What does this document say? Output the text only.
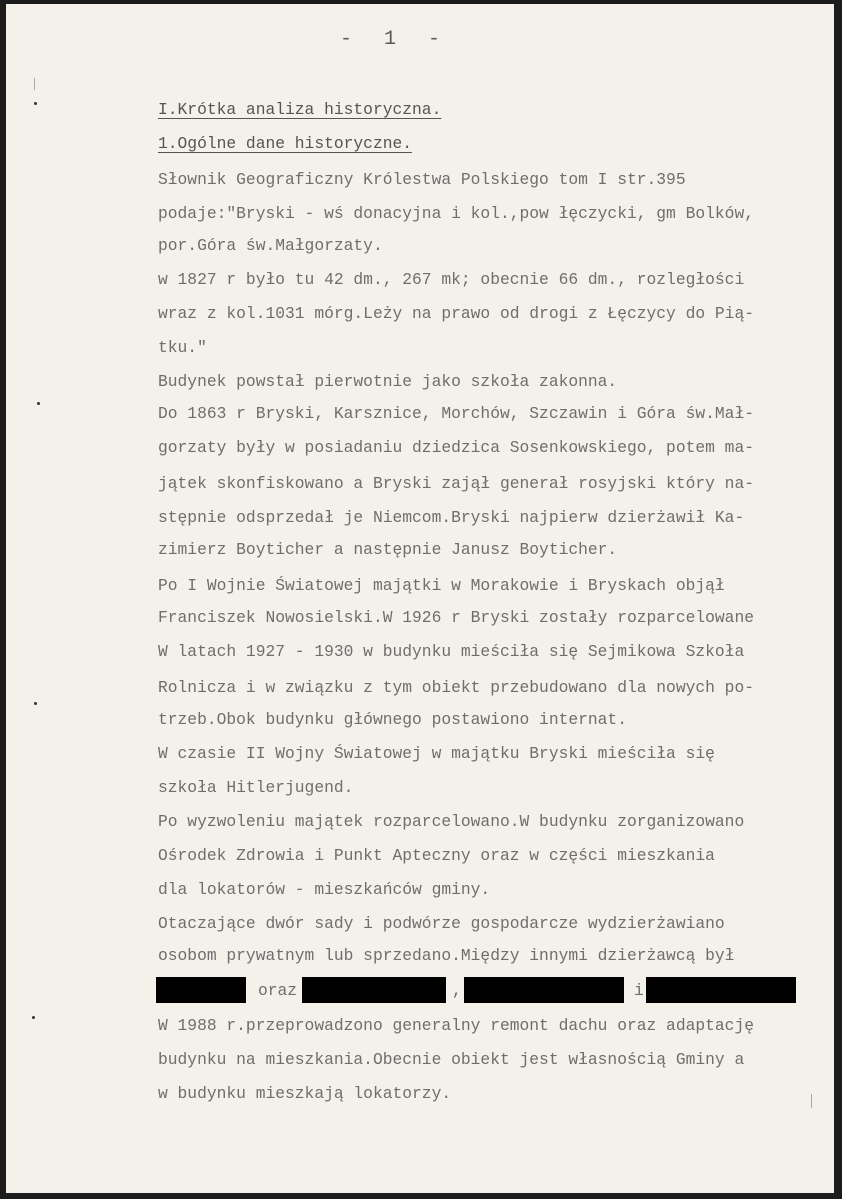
- 1 -
I.Krótka analiza historyczna.
1.Ogólne dane historyczne.
Słownik Geograficzny Królestwa Polskiego tom I str.395
podaje:"Bryski - wś donacyjna i kol.,pow łęczycki, gm Bolków,
por.Góra św.Małgorzaty.
w 1827 r było tu 42 dm., 267 mk; obecnie 66 dm., rozległości
wraz z kol.1031 mórg.Leży na prawo od drogi z Łęczycy do Pią-
tku."
Budynek powstał pierwotnie jako szkoła zakonna.
Do 1863 r Bryski, Karsznice, Morchów, Szczawin i Góra św.Mał-
gorzaty były w posiadaniu dziedzica Sosenkowskiego, potem ma-
jątek skonfiskowano a Bryski zajął generał rosyjski który na-
stępnie odsprzedał je Niemcom.Bryski najpierw dzierżawił Ka-
zimierz Boyticher a następnie Janusz Boyticher.
Po I Wojnie Światowej majątki w Morakowie i Bryskach objął
Franciszek Nowosielski.W 1926 r Bryski zostały rozparcelowane
W latach 1927 - 1930 w budynku mieściła się Sejmikowa Szkoła
Rolnicza i w związku z tym obiekt przebudowano dla nowych po-
trzeb.Obok budynku głównego postawiono internat.
W czasie II Wojny Światowej w majątku Bryski mieściła się
szkoła Hitlerjugend.
Po wyzwoleniu majątek rozparcelowano.W budynku zorganizowano
Ośrodek Zdrowia i Punkt Apteczny oraz w części mieszkania
dla lokatorów - mieszkańców gminy.
Otaczające dwór sady i podwórze gospodarcze wydzierżawiano
osobom prywatnym lub sprzedano.Między innymi dzierżawcą był
oraz	,	i
W 1988 r.przeprowadzono generalny remont dachu oraz adaptację
budynku na mieszkania.Obecnie obiekt jest własnością Gminy a
w budynku mieszkają lokatorzy.
